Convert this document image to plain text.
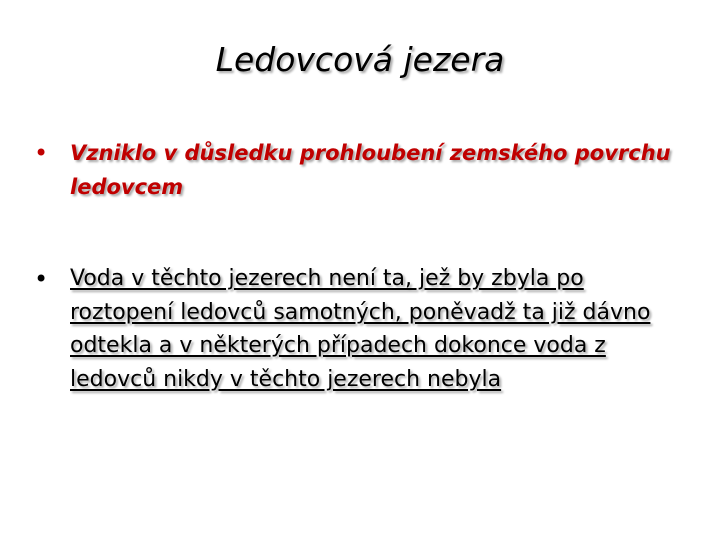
Ledovcová jezera
•	Vzniklo v důsledku prohloubení zemského povrchu ledovcem
• Voda v těchto jezerech není ta, jež by zbyla po roztopení ledovců samotných, poněvadž ta již dávno odtekla a v některých případech dokonce voda z ledovců nikdy v těchto jezerech nebyla
